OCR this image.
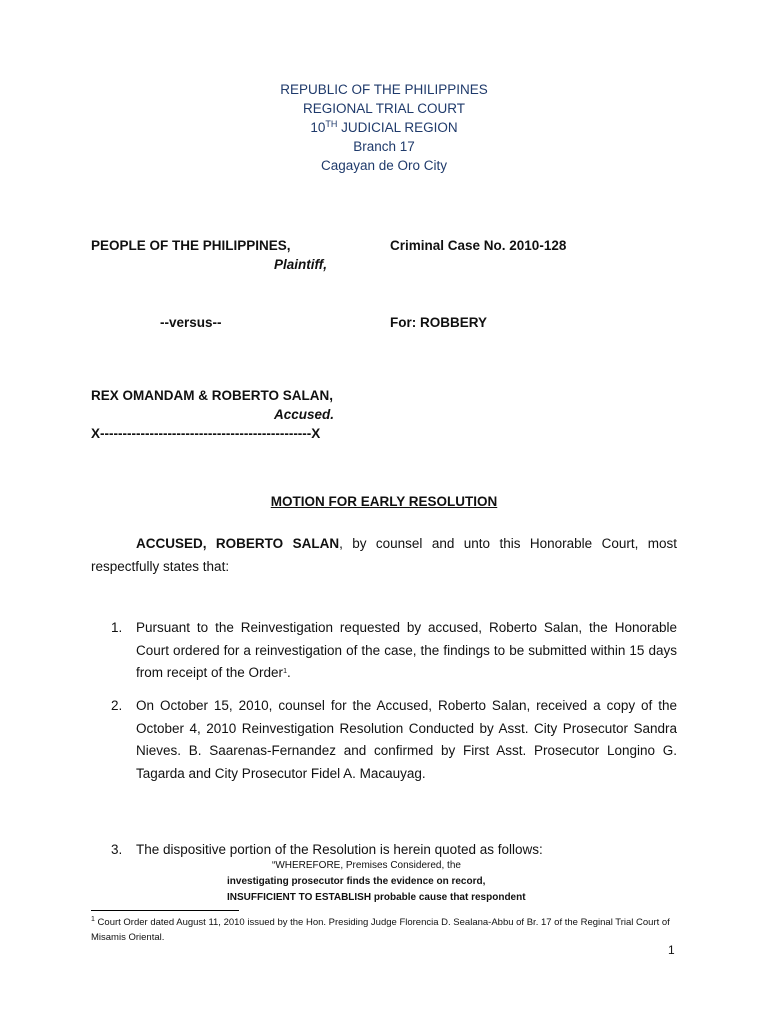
REPUBLIC OF THE PHILIPPINES
REGIONAL TRIAL COURT
10TH JUDICIAL REGION
Branch 17
Cagayan de Oro City
PEOPLE OF THE PHILIPPINES,
Plaintiff,
Criminal Case No. 2010-128
--versus--	For: ROBBERY
REX OMANDAM & ROBERTO SALAN,
Accused.
X-----------------------------------------------X
MOTION FOR EARLY RESOLUTION
ACCUSED, ROBERTO SALAN, by counsel and unto this Honorable Court, most respectfully states that:
1. Pursuant to the Reinvestigation requested by accused, Roberto Salan, the Honorable Court ordered for a reinvestigation of the case, the findings to be submitted within 15 days from receipt of the Order$^1$.
2. On October 15, 2010, counsel for the Accused, Roberto Salan, received a copy of the October 4, 2010 Reinvestigation Resolution Conducted by Asst. City Prosecutor Sandra Nieves. B. Saarenas-Fernandez and confirmed by First Asst. Prosecutor Longino G. Tagarda and City Prosecutor Fidel A. Macauyag.
3. The dispositive portion of the Resolution is herein quoted as follows:
“WHEREFORE, Premises Considered, the
investigating prosecutor finds the evidence on record,
INSUFFICIENT TO ESTABLISH probable cause that respondent
$^1$ Court Order dated August 11, 2010 issued by the Hon. Presiding Judge Florencia D. Sealana-Abbu of Br. 17 of the Reginal Trial Court of Misamis Oriental.
1
